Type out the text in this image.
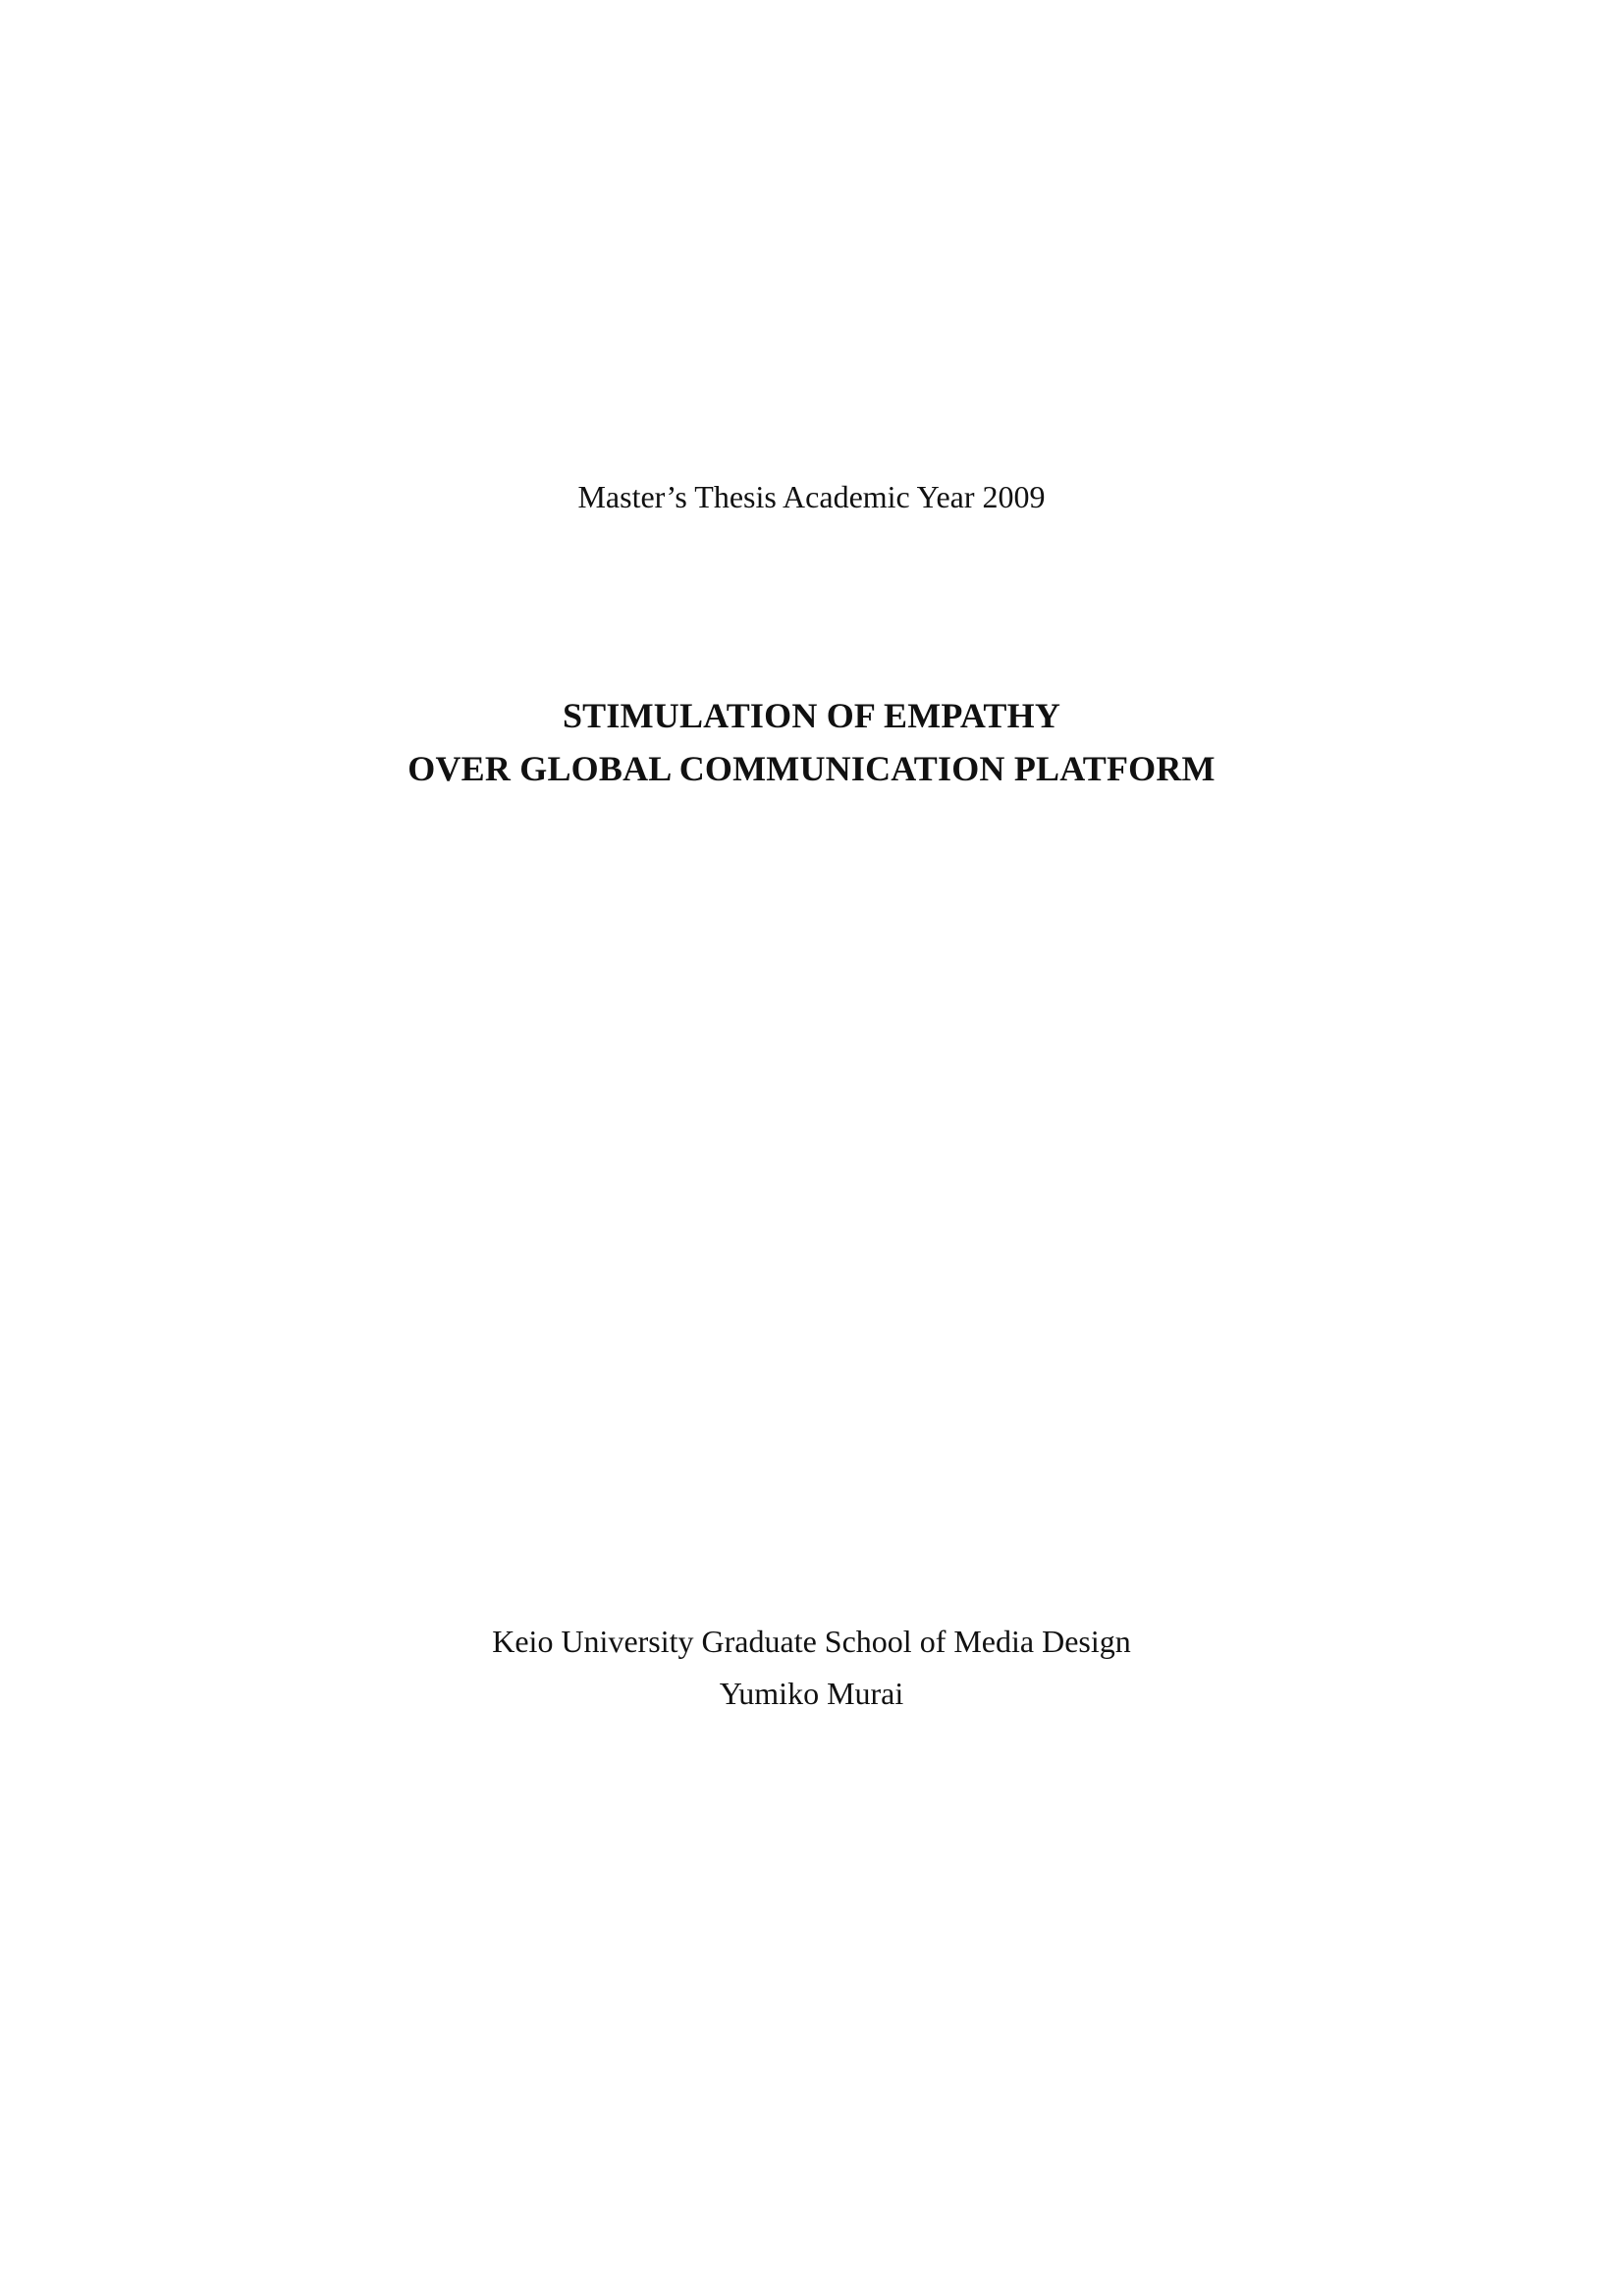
Master’s Thesis Academic Year 2009
STIMULATION OF EMPATHY
OVER GLOBAL COMMUNICATION PLATFORM
Keio University Graduate School of Media Design
Yumiko Murai
